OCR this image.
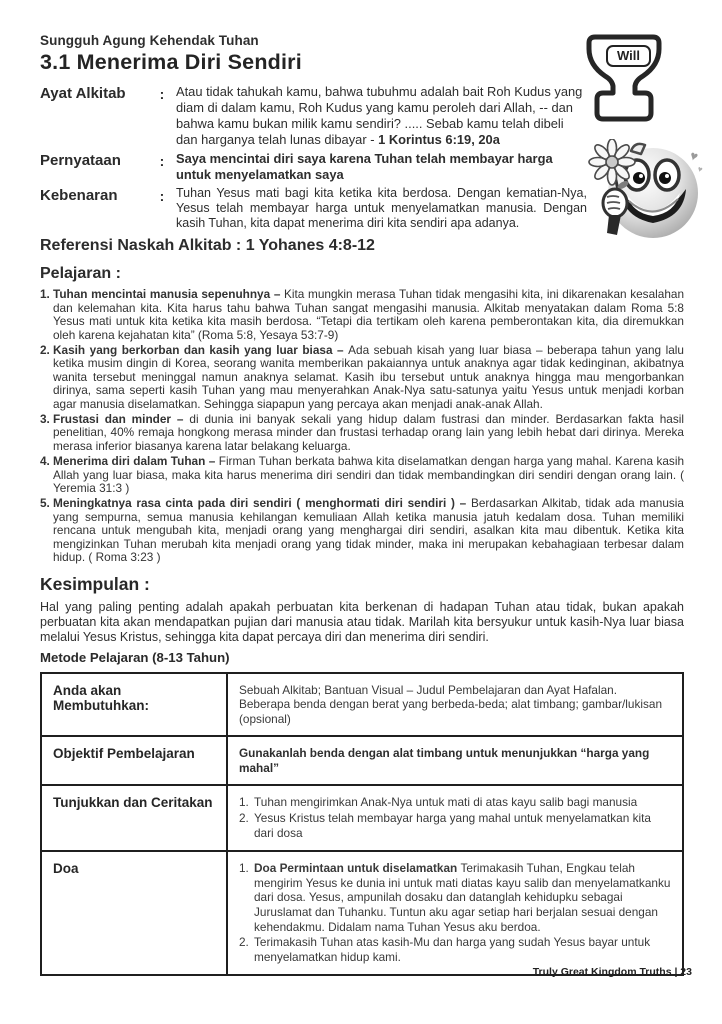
Sungguh Agung Kehendak Tuhan
3.1 Menerima Diri Sendiri
Ayat Alkitab	: Atau tidak tahukah kamu, bahwa tubuhmu adalah bait Roh Kudus yang diam di dalam kamu, Roh Kudus yang kamu peroleh dari Allah, -- dan bahwa kamu bukan milik kamu sendiri? ..... Sebab kamu telah dibeli dan harganya telah lunas dibayar - 1 Korintus 6:19, 20a
Pernyataan	: Saya mencintai diri saya karena Tuhan telah membayar harga untuk menyelamatkan saya
Kebenaran	: Tuhan Yesus mati bagi kita ketika kita berdosa. Dengan kematian-Nya, Yesus telah membayar harga untuk menyelamatkan manusia. Dengan kasih Tuhan, kita dapat menerima diri kita sendiri apa adanya.
Referensi Naskah Alkitab : 1 Yohanes 4:8-12
Pelajaran :
1. Tuhan mencintai manusia sepenuhnya – Kita mungkin merasa Tuhan tidak mengasihi kita, ini dikarenakan kesalahan dan kelemahan kita. Kita harus tahu bahwa Tuhan sangat mengasihi manusia. Alkitab menyatakan dalam Roma 5:8 Yesus mati untuk kita ketika kita masih berdosa. “Tetapi dia tertikam oleh karena pemberontakan kita, dia diremukkan oleh karena kejahatan kita” (Roma 5:8, Yesaya 53:7-9)
2. Kasih yang berkorban dan kasih yang luar biasa – Ada sebuah kisah yang luar biasa – beberapa tahun yang lalu ketika musim dingin di Korea, seorang wanita memberikan pakaiannya untuk anaknya agar tidak kedinginan, akibatnya wanita tersebut meninggal namun anaknya selamat. Kasih ibu tersebut untuk anaknya hingga mau mengorbankan dirinya, sama seperti kasih Tuhan yang mau menyerahkan Anak-Nya satu-satunya yaitu Yesus untuk menjadi korban agar manusia diselamatkan. Sehingga siapapun yang percaya akan menjadi anak-anak Allah.
3. Frustasi dan minder – di dunia ini banyak sekali yang hidup dalam fustrasi dan minder. Berdasarkan fakta hasil penelitian, 40% remaja hongkong merasa minder dan frustasi terhadap orang lain yang lebih hebat dari dirinya. Mereka merasa inferior biasanya karena latar belakang keluarga.
4. Menerima diri dalam Tuhan – Firman Tuhan berkata bahwa kita diselamatkan dengan harga yang mahal. Karena kasih Allah yang luar biasa, maka kita harus menerima diri sendiri dan tidak membandingkan diri sendiri dengan orang lain. ( Yeremia 31:3 )
5. Meningkatnya rasa cinta pada diri sendiri ( menghormati diri sendiri ) – Berdasarkan Alkitab, tidak ada manusia yang sempurna, semua manusia kehilangan kemuliaan Allah ketika manusia jatuh kedalam dosa. Tuhan memiliki rencana untuk mengubah kita, menjadi orang yang menghargai diri sendiri, asalkan kita mau dibentuk. Ketika kita mengizinkan Tuhan merubah kita menjadi orang yang tidak minder, maka ini merupakan kebahagiaan terbesar dalam hidup. ( Roma 3:23 )
Kesimpulan :
Hal yang paling penting adalah apakah perbuatan kita berkenan di hadapan Tuhan atau tidak, bukan apakah perbuatan kita akan mendapatkan pujian dari manusia atau tidak. Marilah kita bersyukur untuk kasih-Nya luar biasa melalui Yesus Kristus, sehingga kita dapat percaya diri dan menerima diri sendiri.
Metode Pelajaran (8-13 Tahun)
Anda akan Membutuhkan:	Sebuah Alkitab; Bantuan Visual – Judul Pembelajaran dan Ayat Hafalan. Beberapa benda dengan berat yang berbeda-beda; alat timbang; gambar/lukisan (opsional)
Objektif Pembelajaran	Gunakanlah benda dengan alat timbang untuk menunjukkan “harga yang mahal”
Tunjukkan dan Ceritakan	1. Tuhan mengirimkan Anak-Nya untuk mati di atas kayu salib bagi manusia
2. Yesus Kristus telah membayar harga yang mahal untuk menyelamatkan kita dari dosa

Doa	1. Doa Permintaan untuk diselamatkan Terimakasih Tuhan, Engkau telah mengirim Yesus ke dunia ini untuk mati diatas kayu salib dan menyelamatkanku dari dosa. Yesus, ampunilah dosaku dan datanglah kehidupku sebagai Juruslamat dan Tuhanku. Tuntun aku agar setiap hari berjalan sesuai dengan kehendakmu. Didalam nama Tuhan Yesus aku berdoa.
2. Terimakasih Tuhan atas kasih-Mu dan harga yang sudah Yesus bayar untuk menyelamatkan hidup kami.
Will
♥
♥
Truly Great Kingdom Truths | 23
